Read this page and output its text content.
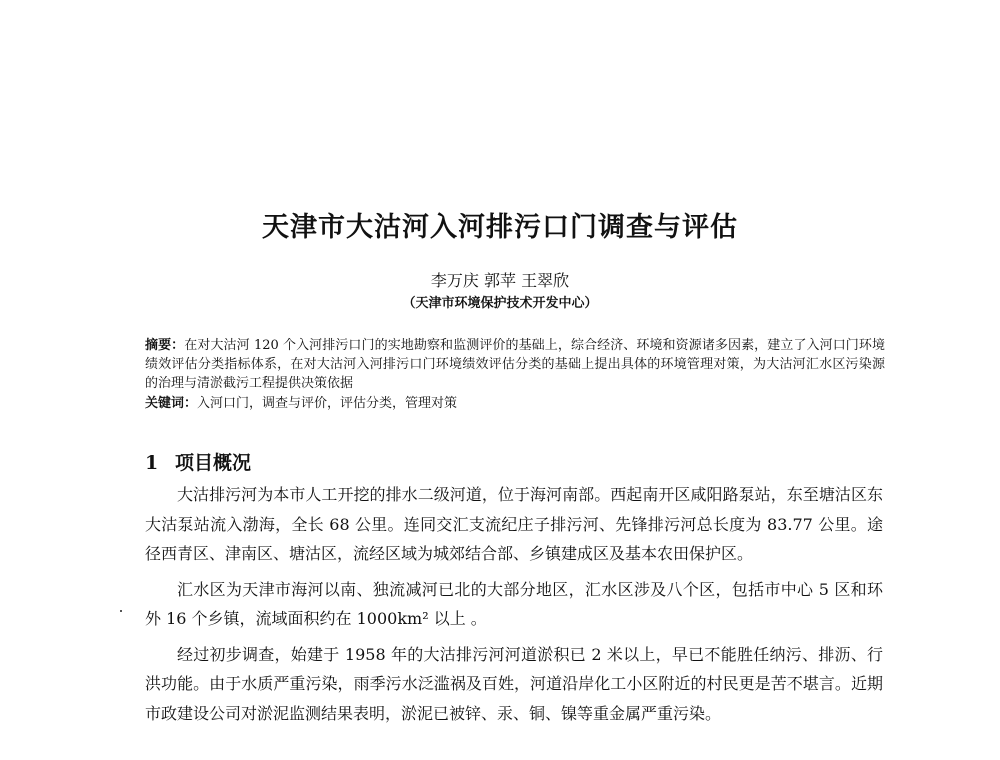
天津市大沽河入河排污口门调查与评估
李万庆 郭苹 王翠欣
（天津市环境保护技术开发中心）
摘要：在对大沽河 120 个入河排污口门的实地勘察和监测评价的基础上，综合经济、环境和资源诸多因素，建立了入河口门环境绩效评估分类指标体系，在对大沽河入河排污口门环境绩效评估分类的基础上提出具体的环境管理对策，为大沽河汇水区污染源的治理与清淤截污工程提供决策依据
关键词：入河口门，调查与评价，评估分类，管理对策
1 项目概况

大沽排污河为本市人工开挖的排水二级河道，位于海河南部。西起南开区咸阳路泵站，东至塘沽区东大沽泵站流入渤海，全长 68 公里。连同交汇支流纪庄子排污河、先锋排污河总长度为 83.77 公里。途径西青区、津南区、塘沽区，流经区域为城郊结合部、乡镇建成区及基本农田保护区。

汇水区为天津市海河以南、独流减河已北的大部分地区，汇水区涉及八个区，包括市中心 5 区和环外 16 个乡镇，流域面积约在 1000km² 以上 。

经过初步调查，始建于 1958 年的大沽排污河河道淤积已 2 米以上，早已不能胜任纳污、排沥、行洪功能。由于水质严重污染，雨季污水泛滥祸及百姓，河道沿岸化工小区附近的村民更是苦不堪言。近期市政建设公司对淤泥监测结果表明，淤泥已被锌、汞、铜、镍等重金属严重污染。
